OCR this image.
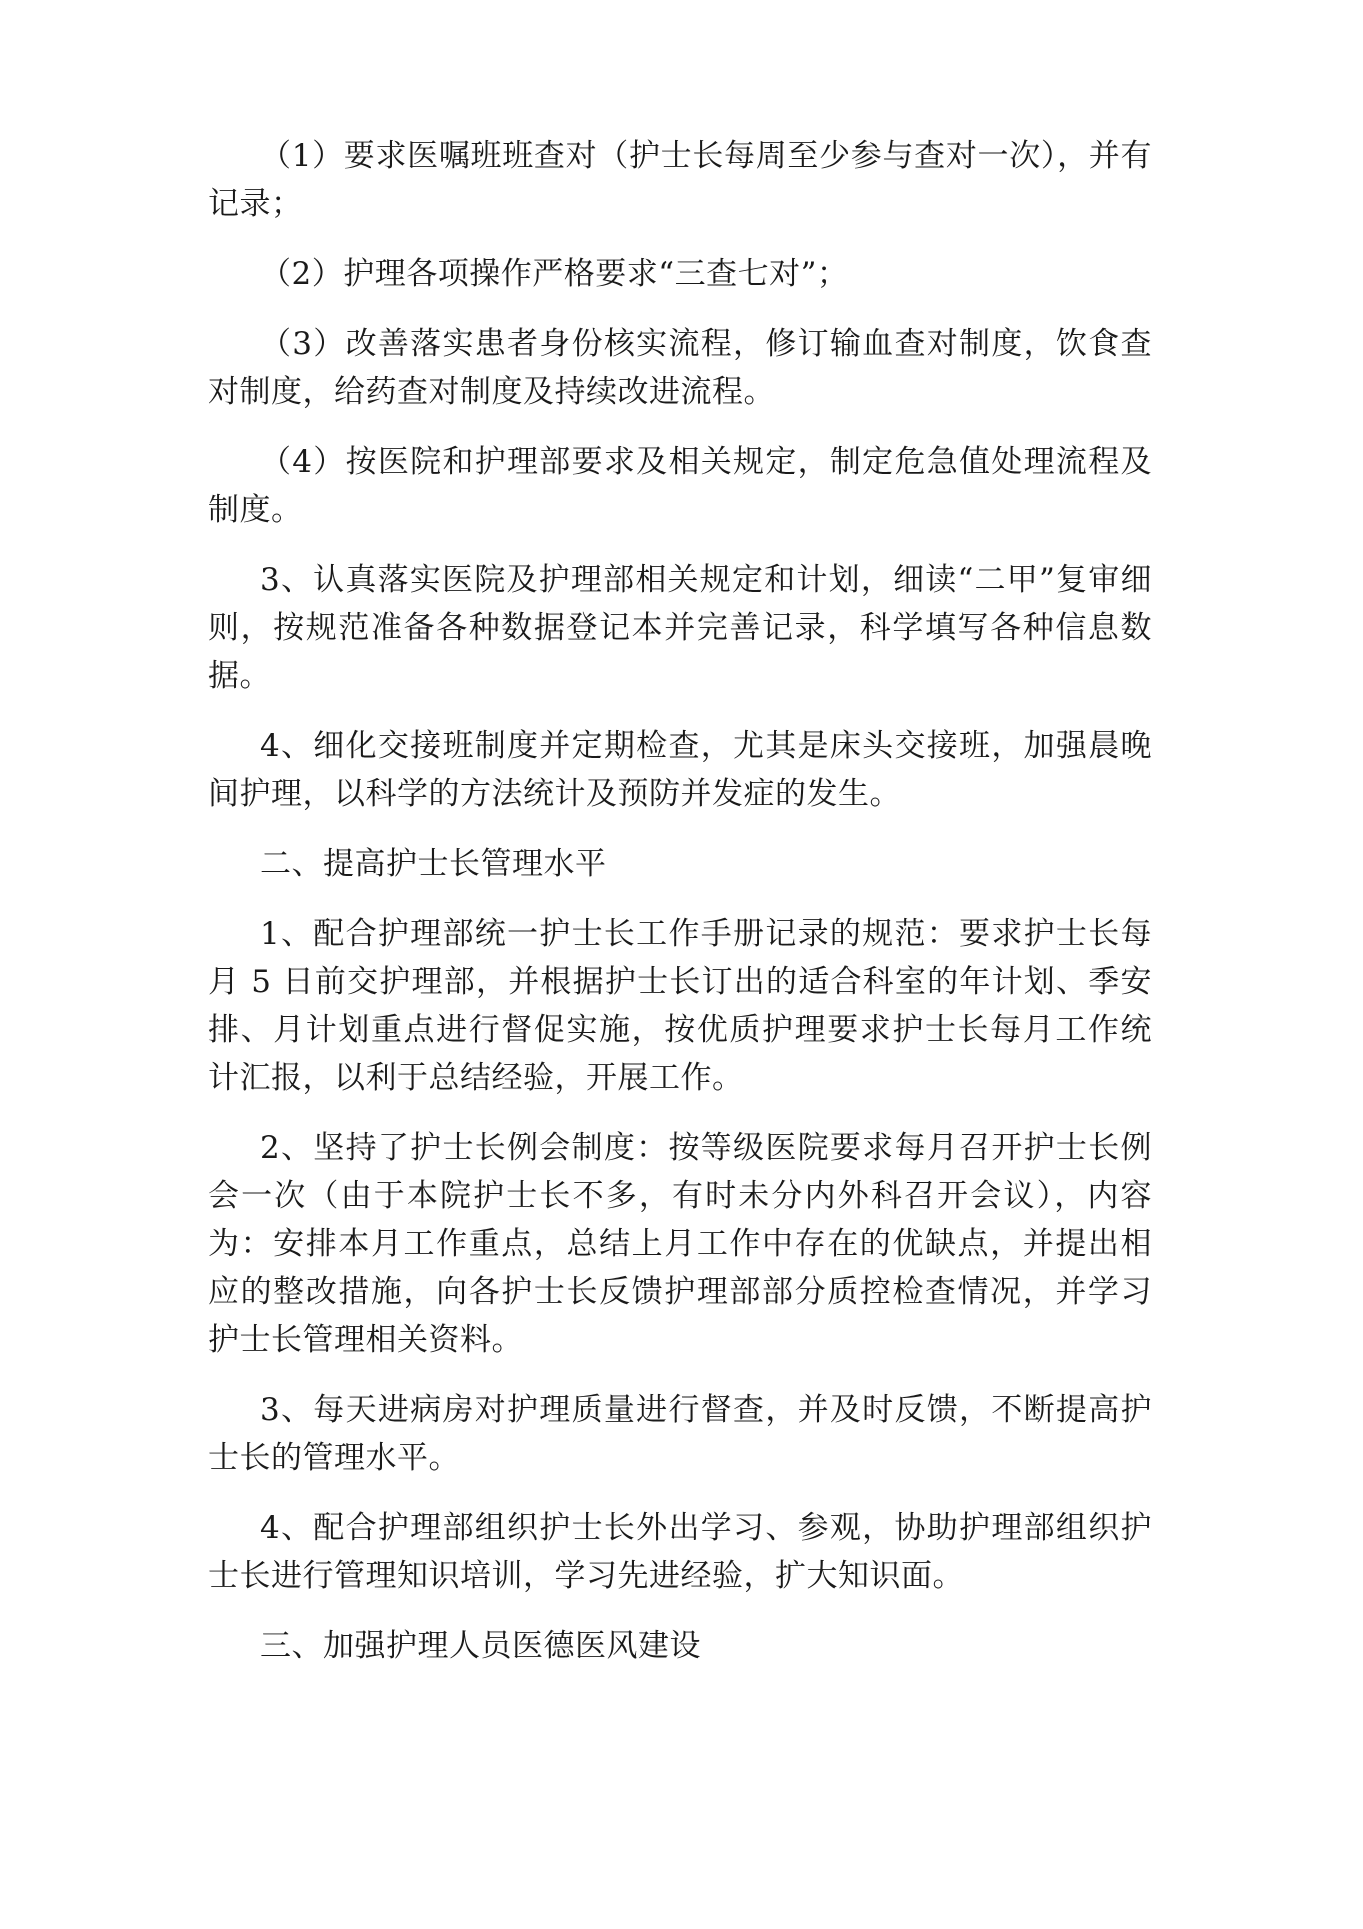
（1）要求医嘱班班查对（护士长每周至少参与查对一次），并有记录；

（2）护理各项操作严格要求“三查七对”；

（3）改善落实患者身份核实流程，修订输血查对制度，饮食查对制度，给药查对制度及持续改进流程。

（4）按医院和护理部要求及相关规定，制定危急值处理流程及制度。

3、认真落实医院及护理部相关规定和计划，细读“二甲”复审细则，按规范准备各种数据登记本并完善记录，科学填写各种信息数据。

4、细化交接班制度并定期检查，尤其是床头交接班，加强晨晚间护理，以科学的方法统计及预防并发症的发生。

二、提高护士长管理水平

1、配合护理部统一护士长工作手册记录的规范：要求护士长每月 5 日前交护理部，并根据护士长订出的适合科室的年计划、季安排、月计划重点进行督促实施，按优质护理要求护士长每月工作统计汇报，以利于总结经验，开展工作。

2、坚持了护士长例会制度：按等级医院要求每月召开护士长例会一次（由于本院护士长不多，有时未分内外科召开会议），内容为：安排本月工作重点，总结上月工作中存在的优缺点，并提出相应的整改措施，向各护士长反馈护理部部分质控检查情况，并学习护士长管理相关资料。

3、每天进病房对护理质量进行督查，并及时反馈，不断提高护士长的管理水平。

4、配合护理部组织护士长外出学习、参观，协助护理部组织护士长进行管理知识培训，学习先进经验，扩大知识面。

三、加强护理人员医德医风建设
